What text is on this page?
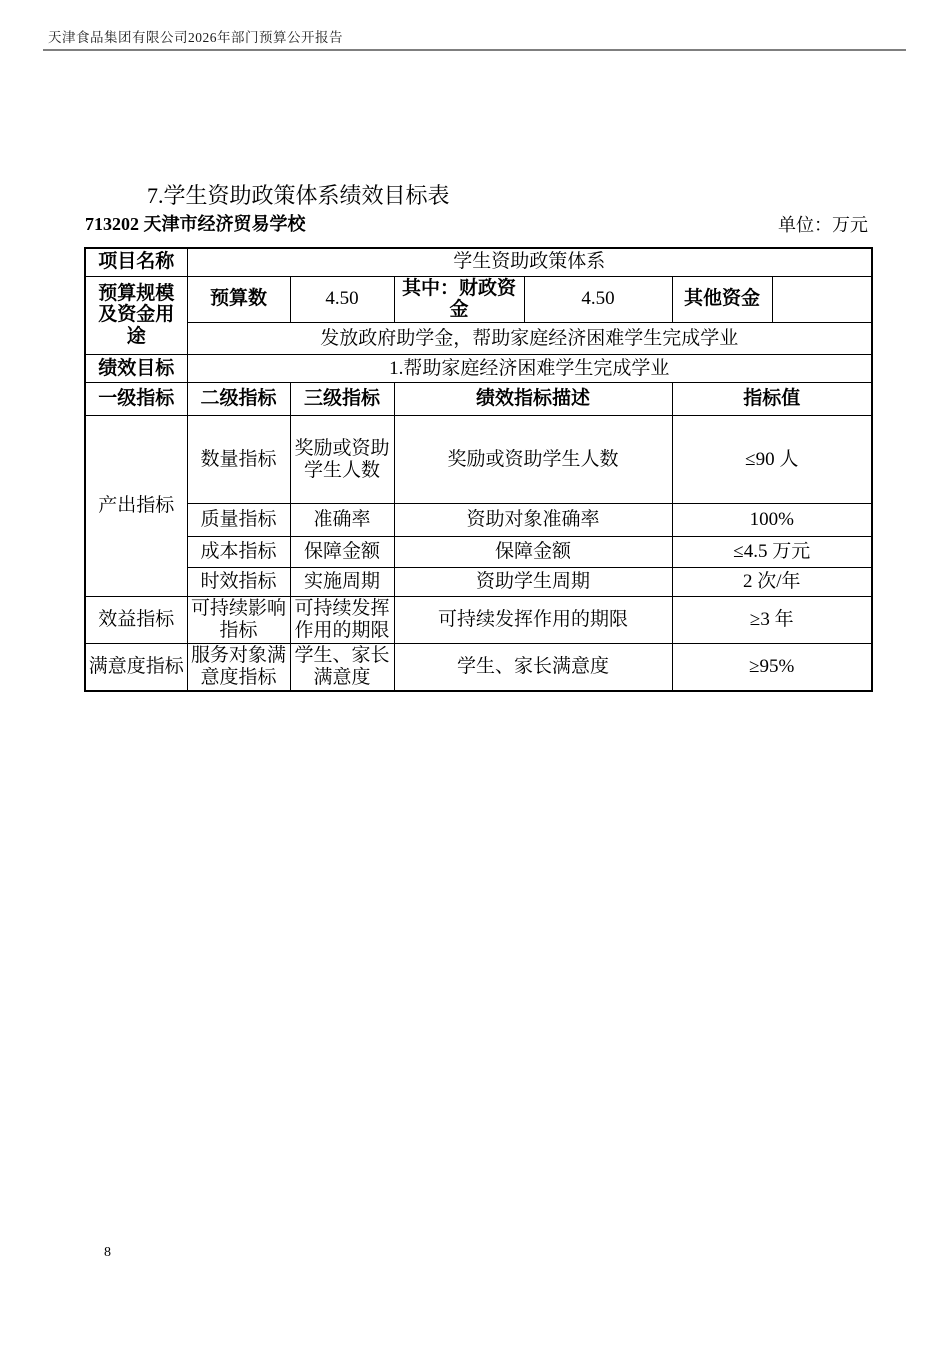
天津食品集团有限公司2026年部门预算公开报告
7.学生资助政策体系绩效目标表
713202 天津市经济贸易学校	单位：万元
项目名称	学生资助政策体系					
预算规模及资金用途	预算数	4.50	其中：财政资金	4.50	其他资金	
	发放政府助学金，帮助家庭经济困难学生完成学业					
绩效目标	1.帮助家庭经济困难学生完成学业					
一级指标	二级指标	三级指标	绩效指标描述		指标值	
产出指标	数量指标	奖励或资助学生人数	奖励或资助学生人数		≤90 人	
	质量指标	准确率	资助对象准确率		100%	
	成本指标	保障金额	保障金额		≤4.5 万元	
	时效指标	实施周期	资助学生周期		2 次/年	
效益指标	可持续影响指标	可持续发挥作用的期限	可持续发挥作用的期限		≥3 年	
满意度指标	服务对象满意度指标	学生、家长满意度	学生、家长满意度		≥95%	
8
